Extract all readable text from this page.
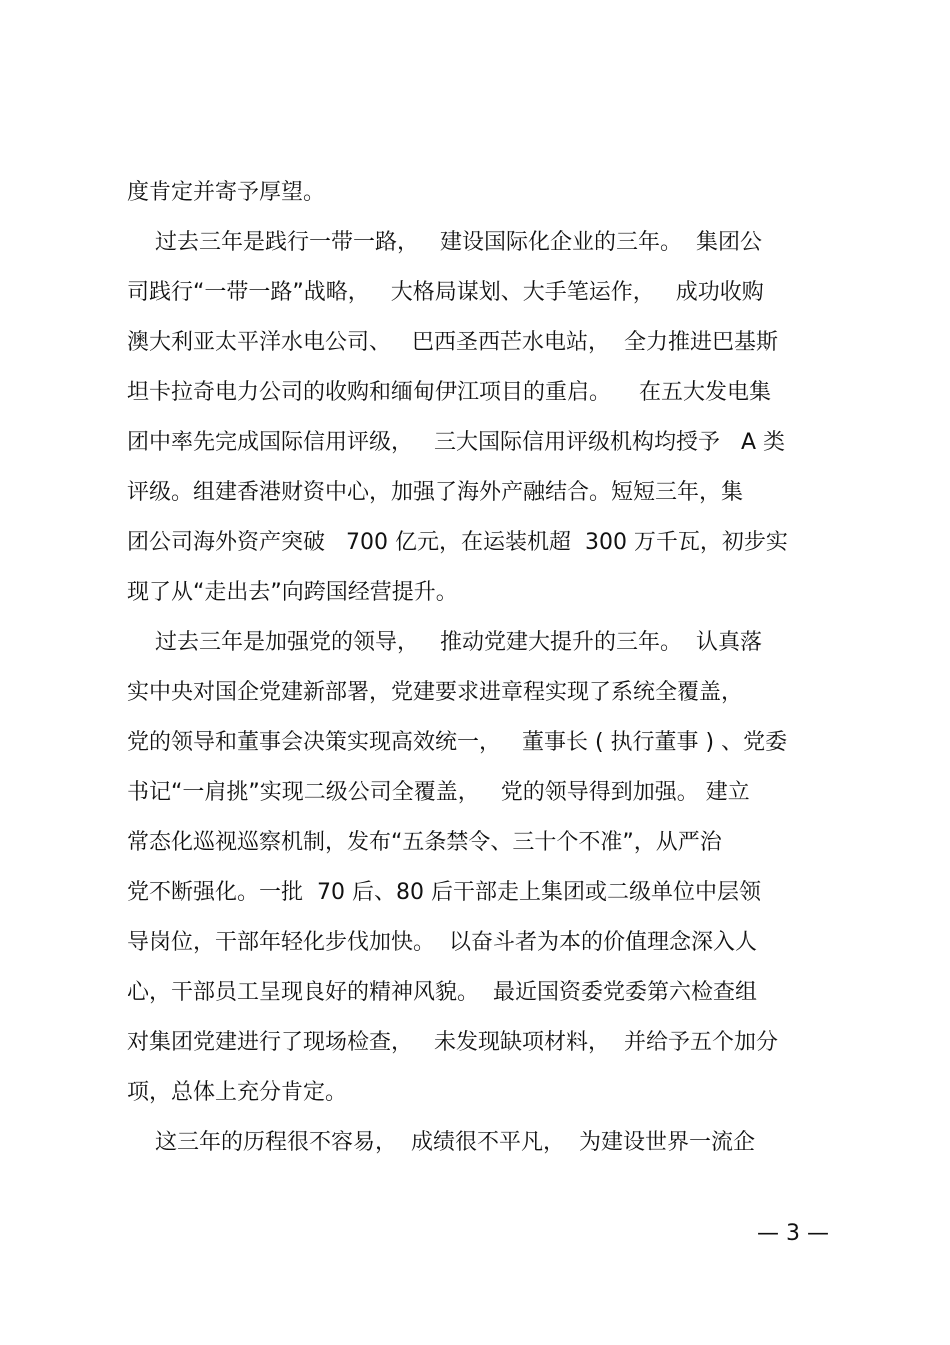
度肯定并寄予厚望。
过去三年是践行一带一路，   建设国际化企业的三年。  集团公
司践行“一带一路”战略，   大格局谋划、大手笔运作，   成功收购
澳大利亚太平洋水电公司、   巴西圣西芒水电站，  全力推进巴基斯
坦卡拉奇电力公司的收购和缅甸伊江项目的重启。    在五大发电集
团中率先完成国际信用评级，   三大国际信用评级机构均授予   A 类
评级。组建香港财资中心，加强了海外产融结合。短短三年，集
团公司海外资产突破   700 亿元，在运装机超  300 万千瓦，初步实
现了从“走出去”向跨国经营提升。
过去三年是加强党的领导，   推动党建大提升的三年。  认真落
实中央对国企党建新部署，党建要求进章程实现了系统全覆盖，
党的领导和董事会决策实现高效统一，   董事长 ( 执行董事 ) 、党委
书记“一肩挑”实现二级公司全覆盖，   党的领导得到加强。 建立
常态化巡视巡察机制，发布“五条禁令、三十个不准”，从严治
党不断强化。一批  70 后、80 后干部走上集团或二级单位中层领
导岗位，干部年轻化步伐加快。  以奋斗者为本的价值理念深入人
心，干部员工呈现良好的精神风貌。  最近国资委党委第六检查组
对集团党建进行了现场检查，   未发现缺项材料，  并给予五个加分
项，总体上充分肯定。
这三年的历程很不容易，  成绩很不平凡，  为建设世界一流企
— 3 —
